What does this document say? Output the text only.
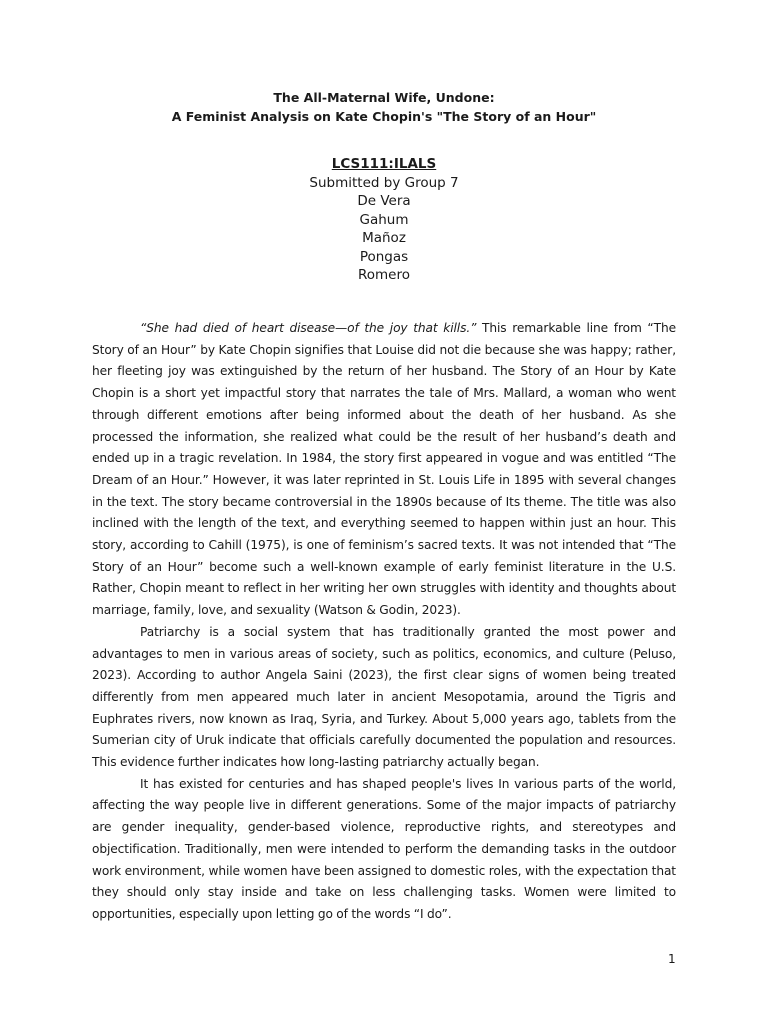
The All-Maternal Wife, Undone:
A Feminist Analysis on Kate Chopin's "The Story of an Hour"
LCS111:ILALS
Submitted by Group 7
De Vera
Gahum
Mañoz
Pongas
Romero

“She had died of heart disease—of the joy that kills.” This remarkable line from “The Story of an Hour” by Kate Chopin signifies that Louise did not die because she was happy; rather, her fleeting joy was extinguished by the return of her husband. The Story of an Hour by Kate Chopin is a short yet impactful story that narrates the tale of Mrs. Mallard, a woman who went through different emotions after being informed about the death of her husband. As she processed the information, she realized what could be the result of her husband’s death and ended up in a tragic revelation. In 1984, the story first appeared in vogue and was entitled “The Dream of an Hour.” However, it was later reprinted in St. Louis Life in 1895 with several changes in the text. The story became controversial in the 1890s because of Its theme. The title was also inclined with the length of the text, and everything seemed to happen within just an hour. This story, according to Cahill (1975), is one of feminism’s sacred texts. It was not intended that “The Story of an Hour” become such a well-known example of early feminist literature in the U.S. Rather, Chopin meant to reflect in her writing her own struggles with identity and thoughts about marriage, family, love, and sexuality (Watson & Godin, 2023).

Patriarchy is a social system that has traditionally granted the most power and advantages to men in various areas of society, such as politics, economics, and culture (Peluso, 2023). According to author Angela Saini (2023), the first clear signs of women being treated differently from men appeared much later in ancient Mesopotamia, around the Tigris and Euphrates rivers, now known as Iraq, Syria, and Turkey. About 5,000 years ago, tablets from the Sumerian city of Uruk indicate that officials carefully documented the population and resources. This evidence further indicates how long-lasting patriarchy actually began.

It has existed for centuries and has shaped people's lives In various parts of the world, affecting the way people live in different generations. Some of the major impacts of patriarchy are gender inequality, gender-based violence, reproductive rights, and stereotypes and objectification. Traditionally, men were intended to perform the demanding tasks in the outdoor work environment, while women have been assigned to domestic roles, with the expectation that they should only stay inside and take on less challenging tasks. Women were limited to opportunities, especially upon letting go of the words “I do”.

1
